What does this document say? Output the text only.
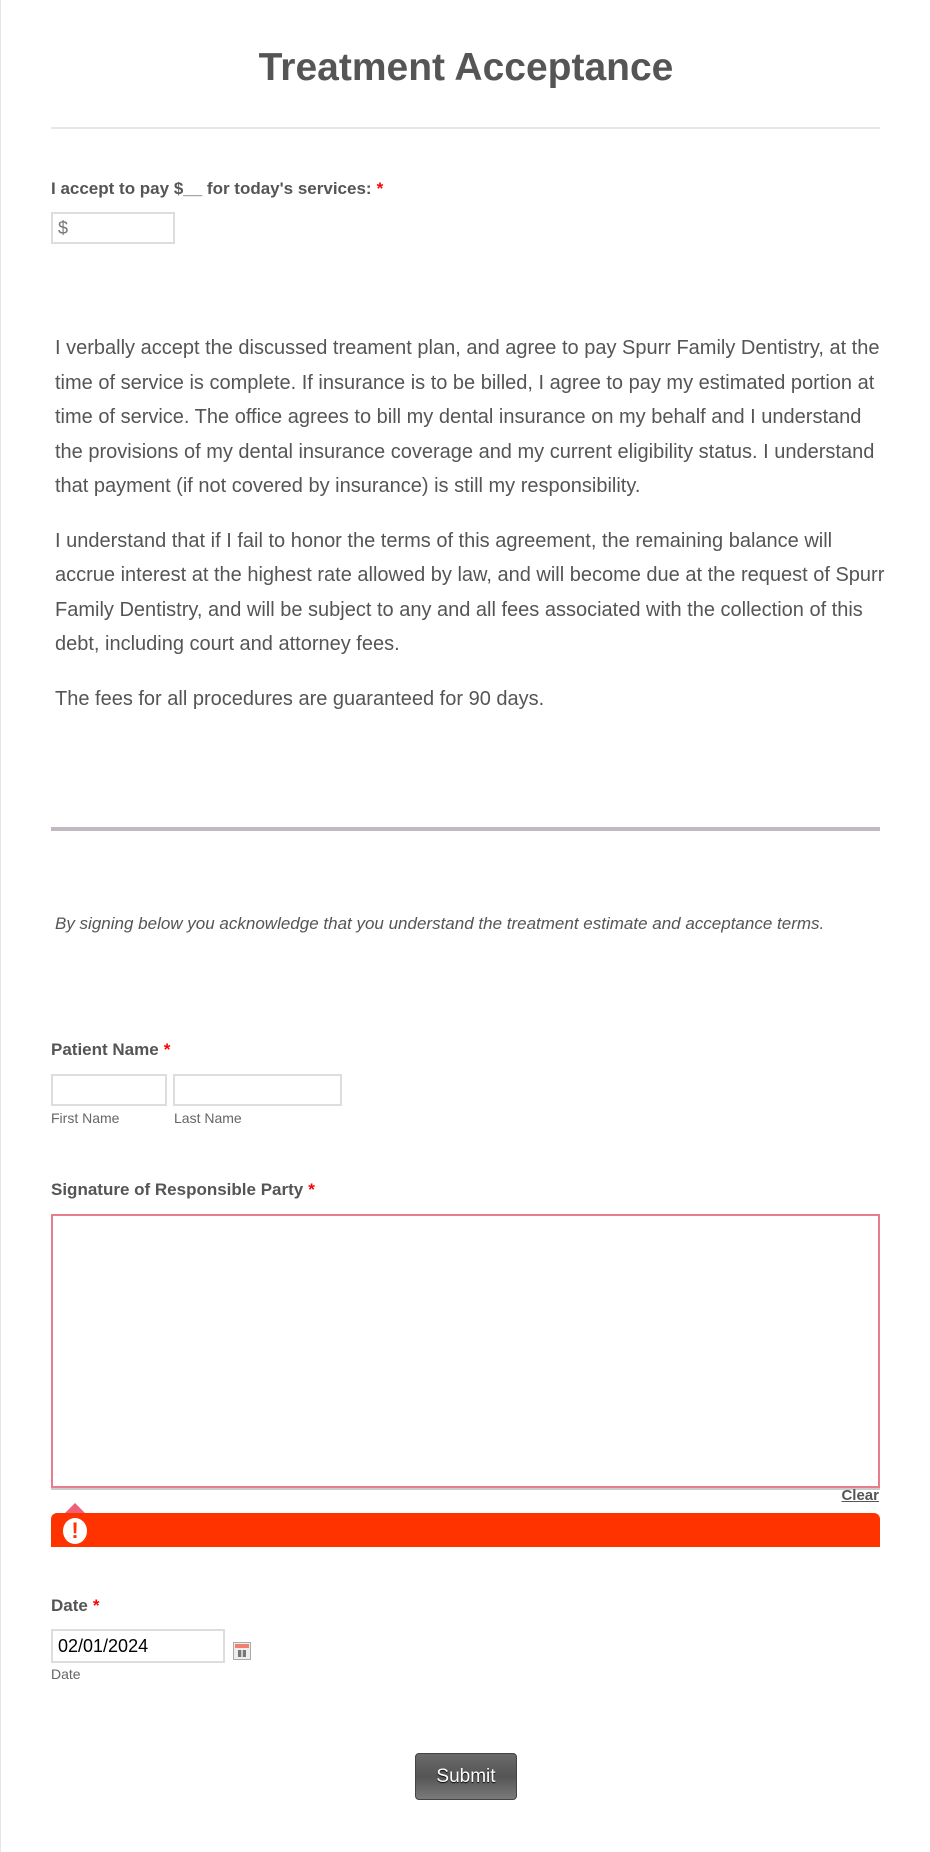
Treatment Acceptance
I accept to pay $__ for today's services: *
$

I verbally accept the discussed treament plan, and agree to pay Spurr Family Dentistry, at the time of service is complete. If insurance is to be billed, I agree to pay my estimated portion at time of service. The office agrees to bill my dental insurance on my behalf and I understand the provisions of my dental insurance coverage and my current eligibility status. I understand that payment (if not covered by insurance) is still my responsibility.

I understand that if I fail to honor the terms of this agreement, the remaining balance will accrue interest at the highest rate allowed by law, and will become due at the request of Spurr Family Dentistry, and will be subject to any and all fees associated with the collection of this debt, including court and attorney fees.

The fees for all procedures are guaranteed for 90 days.

By signing below you acknowledge that you understand the treatment estimate and acceptance terms.
Patient Name *
First Name	Last Name
Signature of Responsible Party *
Clear
!
Date *
02/01/2024
Date
Submit
